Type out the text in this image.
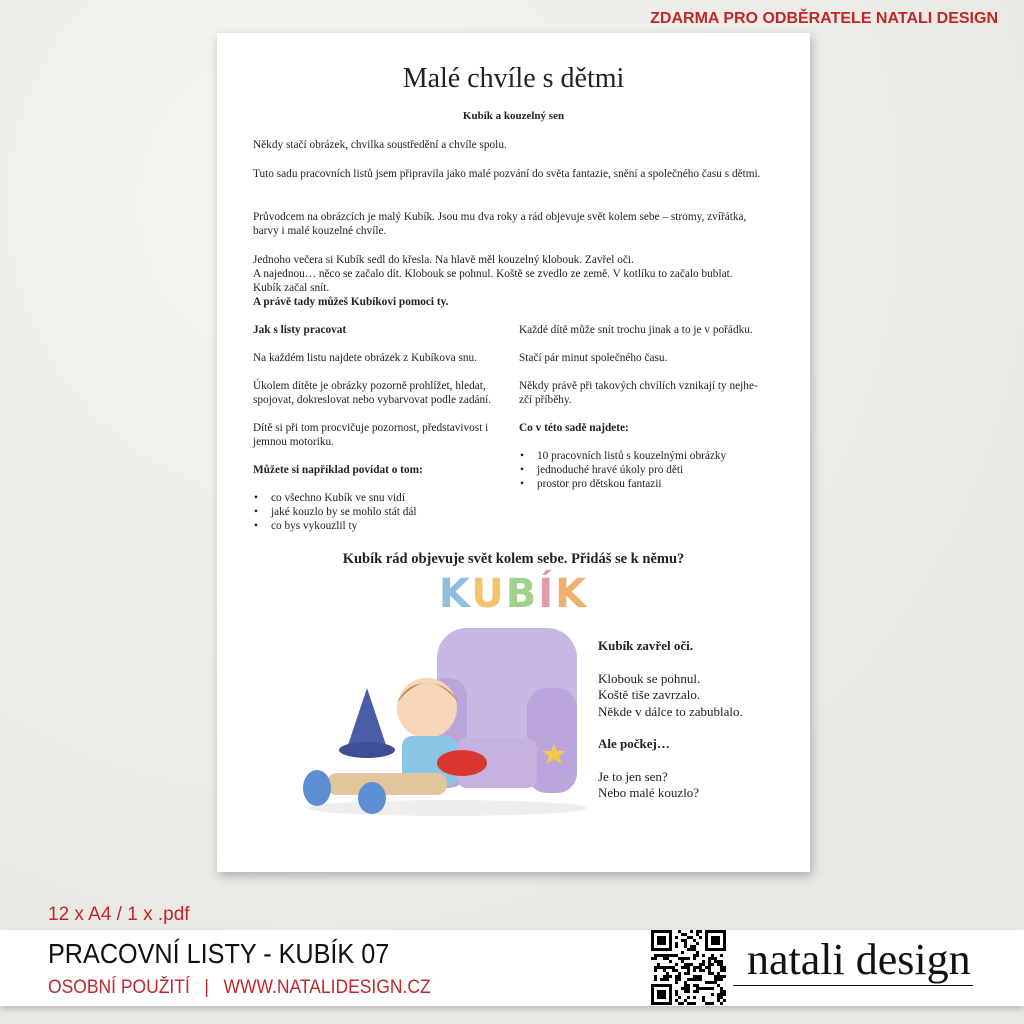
ZDARMA PRO ODBĚRATELE NATALI DESIGN
Malé chvíle s dětmi
Kubík a kouzelný sen

Někdy stačí obrázek, chvilka soustředění a chvíle spolu.

Tuto sadu pracovních listů jsem připravila jako malé pozvání do světa fantazie, snění a společného času s dětmi.

Průvodcem na obrázcích je malý Kubík. Jsou mu dva roky a rád objevuje svět kolem sebe – stromy, zvířátka, barvy i malé kouzelné chvíle.

Jednoho večera si Kubík sedl do křesla. Na hlavě měl kouzelný klobouk. Zavřel oči.
A najednou… něco se začalo dít. Klobouk se pohnul. Koště se zvedlo ze země. V kotlíku to začalo bublat.
Kubík začal snít.
A právě tady můžeš Kubíkovi pomoci ty.
Jak s listy pracovat
Na každém listu najdete obrázek z Kubíkova snu.
Úkolem dítěte je obrázky pozorně prohlížet, hledat, spojovat, dokreslovat nebo vybarvovat podle zadání.
Dítě si při tom procvičuje pozornost, představivost i jemnou motoriku.
Můžete si například povídat o tom:
• co všechno Kubík ve snu vidí
• jaké kouzlo by se mohlo stát dál
• co bys vykouzlil ty
Každé dítě může snít trochu jinak a to je v pořádku.
Stačí pár minut společného času.
Někdy právě při takových chvílích vznikají ty nejhe-zčí příběhy.
Co v této sadě najdete:
• 10 pracovních listů s kouzelnými obrázky
• jednoduché hravé úkoly pro děti
• prostor pro dětskou fantazii
Kubík rád objevuje svět kolem sebe. Přidáš se k němu?
KUBÍK
Kubík zavřel oči.
Klobouk se pohnul.
Koště tiše zavrzalo.
Někde v dálce to zabublalo.
Ale počkej…
Je to jen sen?
Nebo malé kouzlo?
12 x A4 / 1 x .pdf
PRACOVNÍ LISTY - KUBÍK 07
OSOBNÍ POUŽITÍ | WWW.NATALIDESIGN.CZ
natali design
